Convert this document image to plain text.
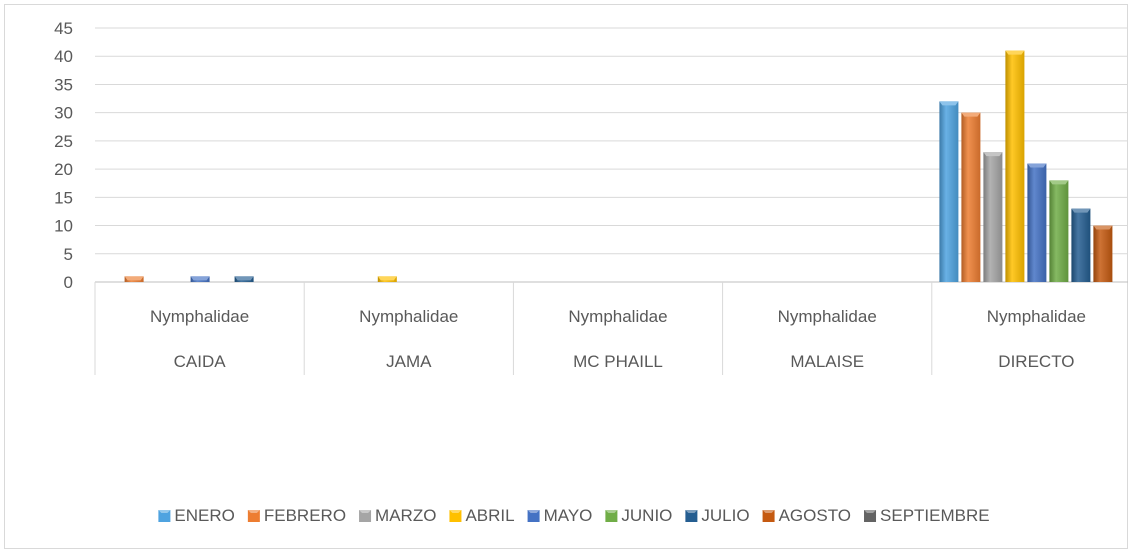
0
5
10
15
20
25
30
35
40
45
Nymphalidae
CAIDA
Nymphalidae
JAMA
Nymphalidae
MC PHAILL
Nymphalidae
MALAISE
Nymphalidae
DIRECTO
ENERO FEBRERO MARZO ABRIL MAYO JUNIO JULIO AGOSTO SEPTIEMBRE
